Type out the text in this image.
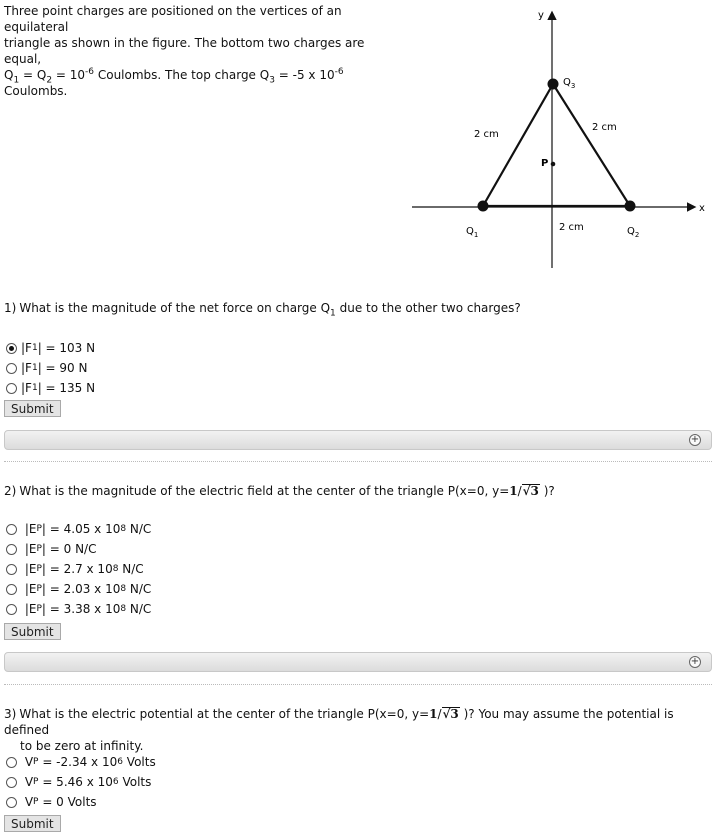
Three point charges are positioned on the vertices of an equilateral

triangle as shown in the figure. The bottom two charges are equal,

$Q_1 = Q_2 = 10^{-6}$ Coulombs. The top charge $Q_3 = -5$ x $10^{-6}$ Coulombs.

y
x
P
$Q_3$
$Q_1$	$Q_2$
2 cm
2 cm
2 cm
1) What is the magnitude of the net force on charge $Q_1$ due to the other two charges?
|F 1 | = 103 N
|F 1 | = 90 N
|F 1 | = 135 N
Submit
+
2) What is the magnitude of the electric field at the center of the triangle P(x=0, y=1/√3 )?

|E P | = 4.05 x 10 8
N/C

|E P | = 0 N/C

|E P | = 2.7 x 10 8
N/C

|E P | = 2.03 x 10 8
N/C

|E P | = 3.38 x 10 8
N/C
Submit
+
3) What is the electric potential at the center of the triangle P(x=0, y=1/√3 )? You may assume the potential is defined
to be zero at infinity.

V P
= -2.34 x 10 6
Volts

V P
= 5.46 x 10 6
Volts

V P
= 0 Volts
Submit
